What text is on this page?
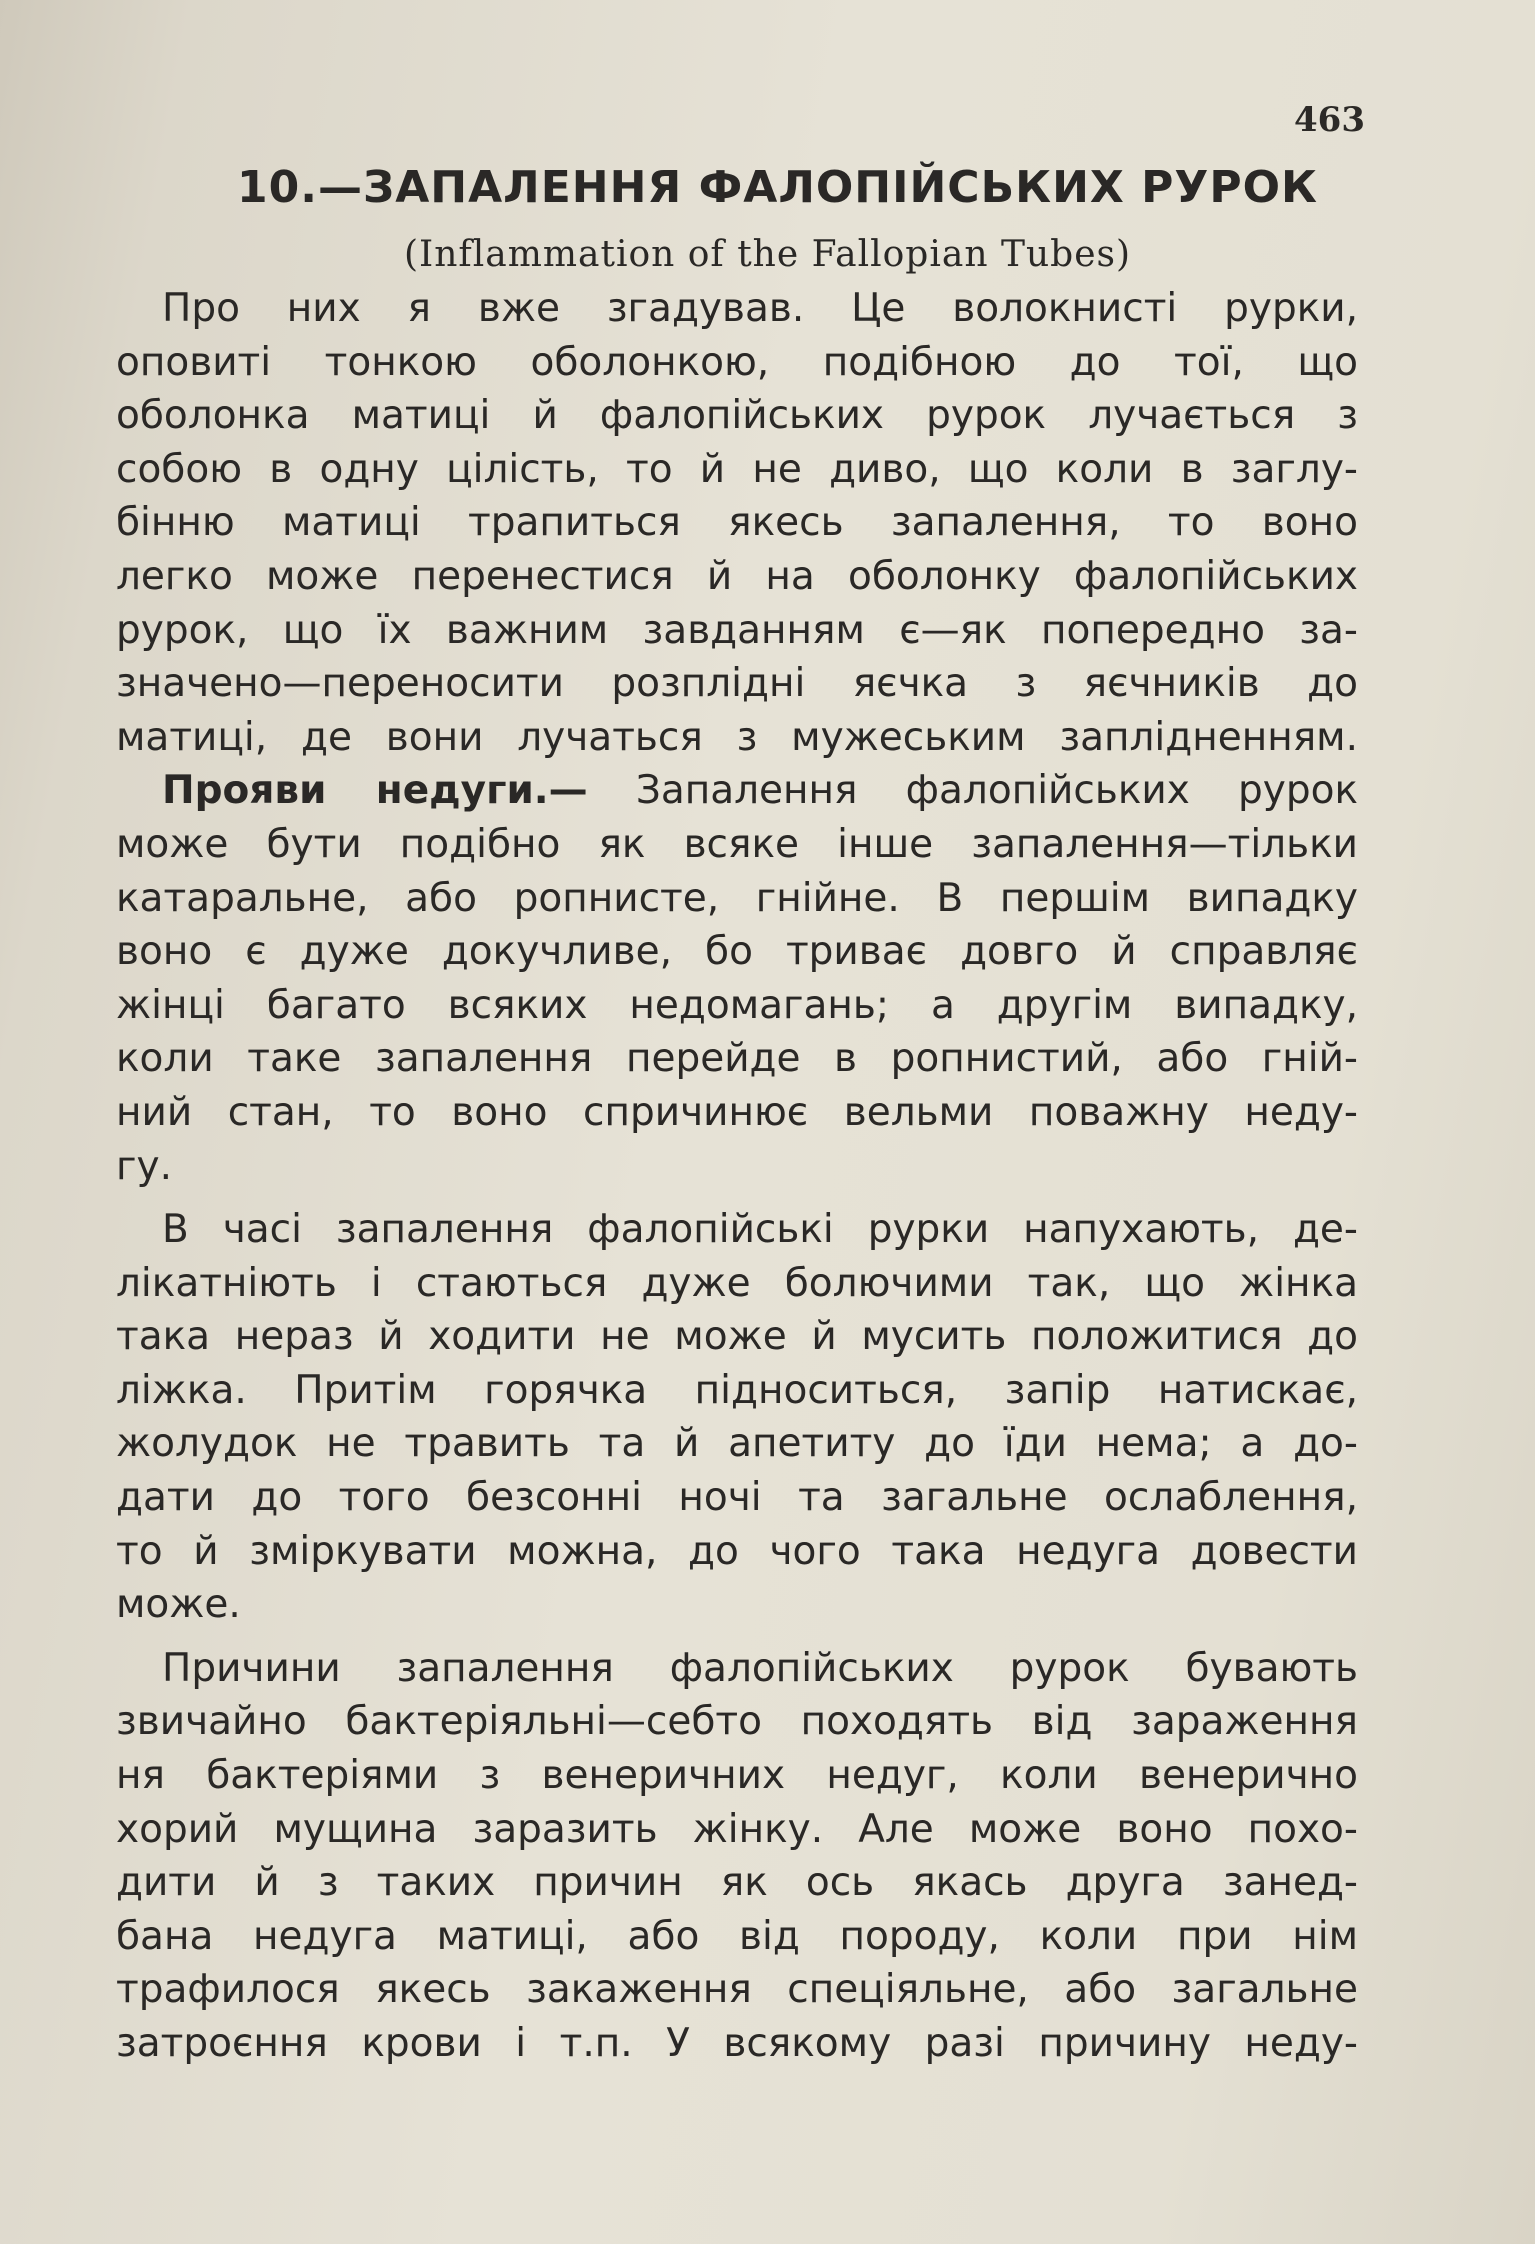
463
10.—ЗАПАЛЕННЯ ФАЛОПІЙСЬКИХ РУРОК
(Inflammation of the Fallopian Tubes)
Про них я вже згадував. Це волокнисті рурки,
оповиті тонкою оболонкою, подібною до тої, що
оболонка матиці й фалопійських рурок лучається з
собою в одну цілість, то й не диво, що коли в заглу-
бінню матиці трапиться якесь запалення, то воно
легко може перенестися й на оболонку фалопійських
рурок, що їх важним завданням є—як попередно за-
значено—переносити розплідні яєчка з яєчників до
матиці, де вони лучаться з мужеським заплідненням.
Прояви недуги.— Запалення фалопійських рурок
може бути подібно як всяке інше запалення—тільки
катаральне, або ропнисте, гнійне. В першім випадку
воно є дуже докучливе, бо триває довго й справляє
жінці багато всяких недомагань; а другім випадку,
коли таке запалення перейде в ропнистий, або гній-
ний стан, то воно спричинює вельми поважну неду-
гу.
В часі запалення фалопійські рурки напухають, де-
лікатніють і стаються дуже болючими так, що жінка
така нераз й ходити не може й мусить положитися до
ліжка. Притім горячка підноситься, запір натискає,
жолудок не травить та й апетиту до їди нема; а до-
дати до того безсонні ночі та загальне ослаблення,
то й зміркувати можна, до чого така недуга довести
може.
Причини запалення фалопійських рурок бувають
звичайно бактеріяльні—себто походять від зараження
ня бактеріями з венеричних недуг, коли венерично
хорий мущина заразить жінку. Але може воно похо-
дити й з таких причин як ось якась друга занед-
бана недуга матиці, або від породу, коли при нім
трафилося якесь закаження спеціяльне, або загальне
затроєння крови і т.п. У всякому разі причину неду-
